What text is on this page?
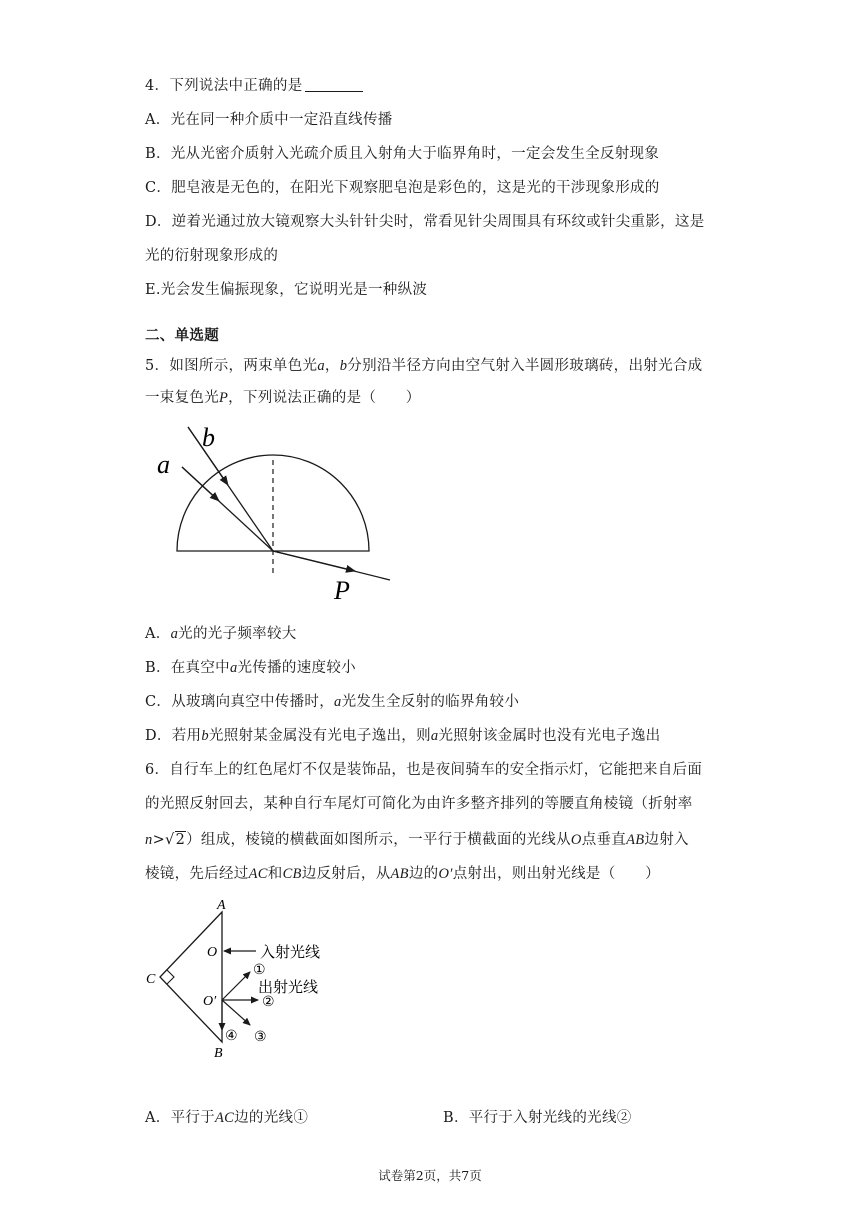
4．下列说法中正确的是
A．光在同一种介质中一定沿直线传播
B．光从光密介质射入光疏介质且入射角大于临界角时，一定会发生全反射现象
C．肥皂液是无色的，在阳光下观察肥皂泡是彩色的，这是光的干涉现象形成的
D．逆着光通过放大镜观察大头针针尖时，常看见针尖周围具有环纹或针尖重影，这是
光的衍射现象形成的
E.光会发生偏振现象，它说明光是一种纵波
二、单选题
5．如图所示，两束单色光a，b分别沿半径方向由空气射入半圆形玻璃砖，出射光合成
一束复色光P，下列说法正确的是（　　）
b
a
P
A．a光的光子频率较大
B．在真空中a光传播的速度较小
C．从玻璃向真空中传播时，a光发生全反射的临界角较小
D．若用b光照射某金属没有光电子逸出，则a光照射该金属时也没有光电子逸出
6．自行车上的红色尾灯不仅是装饰品，也是夜间骑车的安全指示灯，它能把来自后面
的光照反射回去，某种自行车尾灯可简化为由许多整齐排列的等腰直角棱镜（折射率
n>√2）组成，棱镜的横截面如图所示，一平行于横截面的光线从O点垂直AB边射入
棱镜，先后经过AC和CB边反射后，从AB边的O′点射出，则出射光线是（　　）
A
B
C
O
O′
入射光线
出射光线
①
②
③
④
A．平行于AC边的光线①	B．平行于入射光线的光线②
试卷第2页，共7页
